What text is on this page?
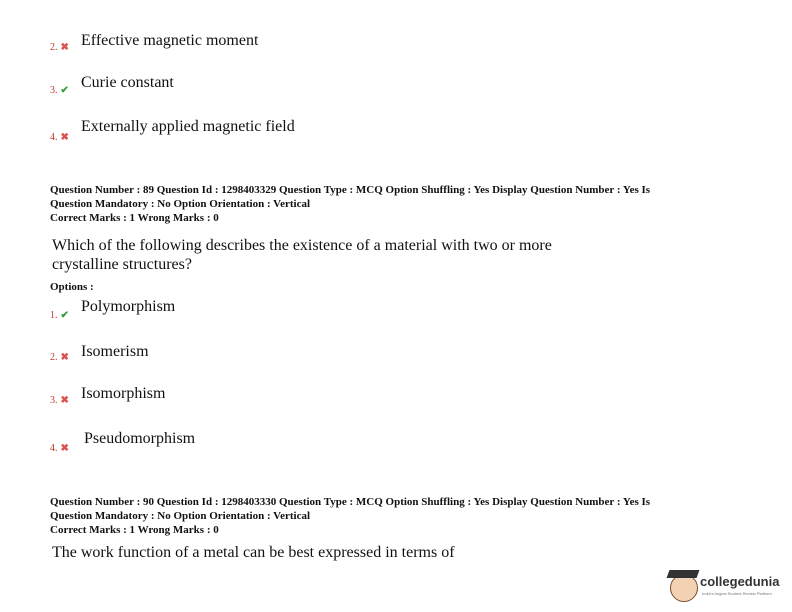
2. ✖ Effective magnetic moment
3. ✔ Curie constant
4. ✖
Externally applied magnetic field
Question Number : 89 Question Id : 1298403329 Question Type : MCQ Option Shuffling : Yes Display Question Number : Yes Is
Question Mandatory : No Option Orientation : Vertical
Correct Marks : 1 Wrong Marks : 0
Which of the following describes the existence of a material with two or more
crystalline structures?
Options :
1. ✔
Polymorphism
2. ✖ Isomerism
3. ✖ Isomorphism
4. ✖
Pseudomorphism
Question Number : 90 Question Id : 1298403330 Question Type : MCQ Option Shuffling : Yes Display Question Number : Yes Is
Question Mandatory : No Option Orientation : Vertical
Correct Marks : 1 Wrong Marks : 0
The work function of a metal can be best expressed in terms of
collegedunia
India's largest Student Review Platform
